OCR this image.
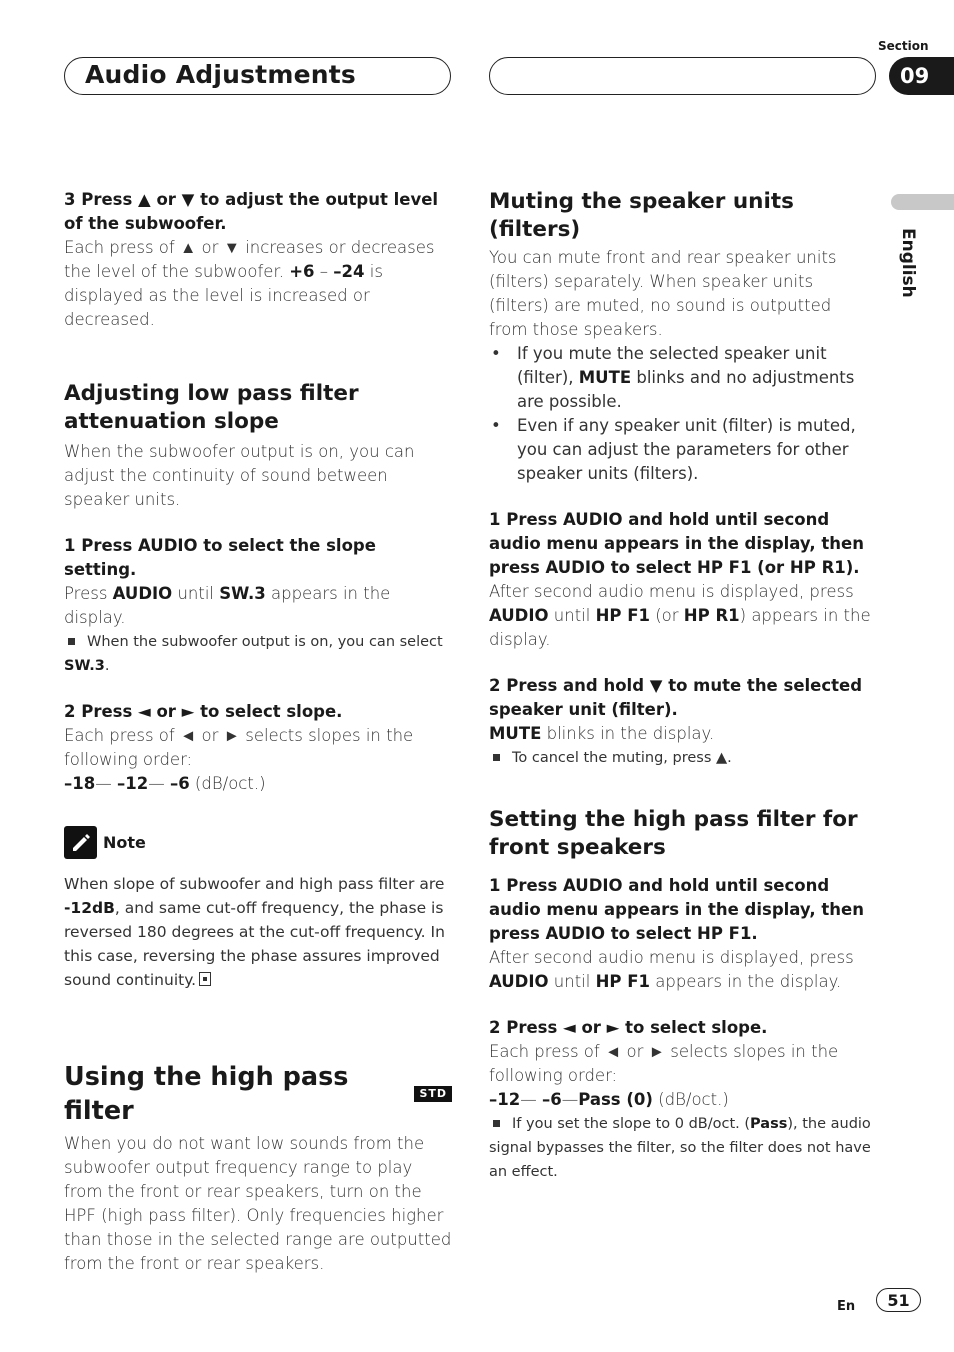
Audio Adjustments
Section
09
English

3 Press ▲ or ▼ to adjust the output level of the subwoofer.

Each press of ▲ or ▼ increases or decreases the level of the subwoofer. +6 – –24 is displayed as the level is increased or decreased.

Adjusting low pass filter attenuation slope

When the subwoofer output is on, you can adjust the continuity of sound between speaker units.

1 Press AUDIO to select the slope setting.

Press AUDIO until SW.3 appears in the display.

When the subwoofer output is on, you can select SW.3.

2 Press ◄ or ► to select slope.

Each press of ◄ or ► selects slopes in the following order:

–18— –12— –6 (dB/oct.)

Note

When slope of subwoofer and high pass filter are -12dB, and same cut-off frequency, the phase is reversed 180 degrees at the cut-off frequency. In this case, reversing the phase assures improved sound continuity.

Using the high pass filter
STD

When you do not want low sounds from the subwoofer output frequency range to play from the front or rear speakers, turn on the HPF (high pass filter). Only frequencies higher than those in the selected range are outputted from the front or rear speakers.

Muting the speaker units (filters)

You can mute front and rear speaker units (filters) separately. When speaker units (filters) are muted, no sound is outputted from those speakers.

• If you mute the selected speaker unit (filter), MUTE blinks and no adjustments are possible.
• Even if any speaker unit (filter) is muted, you can adjust the parameters for other speaker units (filters).

1 Press AUDIO and hold until second audio menu appears in the display, then press AUDIO to select HP F1 (or HP R1).

After second audio menu is displayed, press AUDIO until HP F1 (or HP R1) appears in the display.

2 Press and hold ▼ to mute the selected speaker unit (filter).

MUTE blinks in the display.

To cancel the muting, press ▲.

Setting the high pass filter for front speakers

1 Press AUDIO and hold until second audio menu appears in the display, then press AUDIO to select HP F1.

After second audio menu is displayed, press AUDIO until HP F1 appears in the display.

2 Press ◄ or ► to select slope.

Each press of ◄ or ► selects slopes in the following order:

–12— –6—Pass (0) (dB/oct.)

If you set the slope to 0 dB/oct. (Pass), the audio signal bypasses the filter, so the filter does not have an effect.

En	51
